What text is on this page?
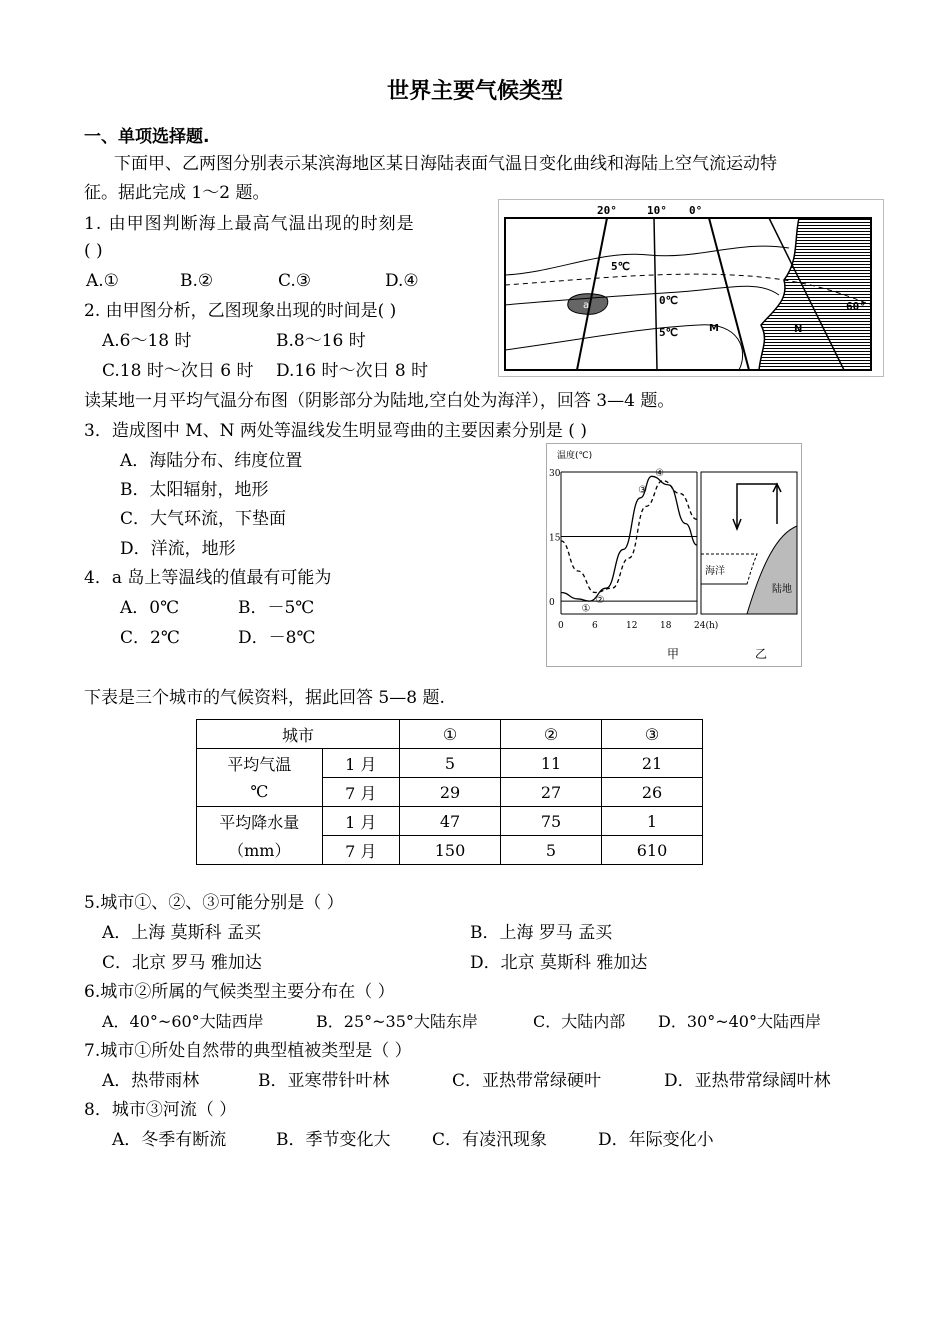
世界主要气候类型
一、单项选择题.
下面甲、乙两图分别表示某滨海地区某日海陆表面气温日变化曲线和海陆上空气流运动特
征。据此完成 1～2 题。
1. 由甲图判断海上最高气温出现的时刻是
( )
A.①	B.②	C.③	D.④
2. 由甲图分析，乙图现象出现的时间是( )
A.6～18 时	B.8～16 时
C.18 时～次日 6 时 D.16 时～次日 8 时
20°	10° 0°
60°
5℃
0℃
5℃
a
M	N
读某地一月平均气温分布图（阴影部分为陆地,空白处为海洋），回答 3—4 题。
3．造成图中 M、N 两处等温线发生明显弯曲的主要因素分别是 ( )
A．海陆分布、纬度位置
B．太阳辐射，地形
C．大气环流，下垫面
D．洋流，地形
4．a 岛上等温线的值最有可能为
A．0℃	B．－5℃
C．2℃	D．－8℃
温度(℃)
甲
30
15
0
0	6	12	18	24(h)
①
②
③
④
海洋
陆地
乙
下表是三个城市的气候资料，据此回答 5—8 题.
城市		①	②	③
平均气温	1 月	5	11	21
℃	7 月	29	27	26
平均降水量	1 月	47	75	1
（mm）	7 月	150	5	610
5.城市①、②、③可能分别是（ ）
A．上海 莫斯科 孟买	B．上海 罗马 孟买
C．北京 罗马 雅加达	D．北京 莫斯科 雅加达
6.城市②所属的气候类型主要分布在（ ）
A．40°~60°大陆西岸	B．25°~35°大陆东岸	C．大陆内部 D．30°~40°大陆西岸
7.城市①所处自然带的典型植被类型是（ ）
A．热带雨林	B．亚寒带针叶林	C．亚热带常绿硬叶	D．亚热带常绿阔叶林
8．城市③河流（ ）
A．冬季有断流	B．季节变化大 C．有凌汛现象	D．年际变化小
